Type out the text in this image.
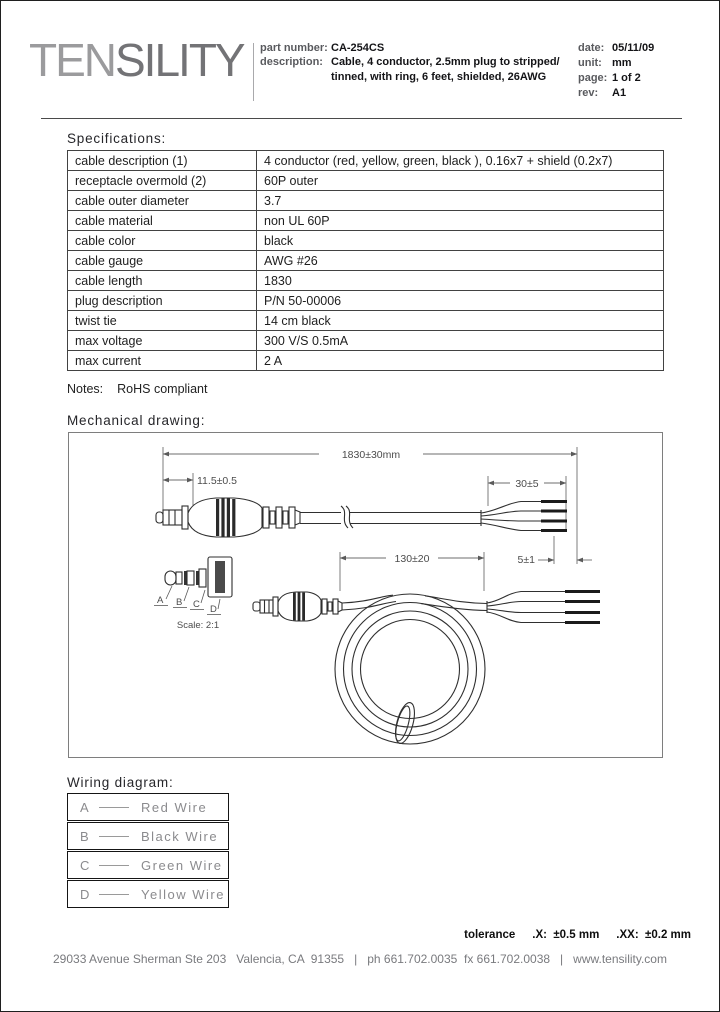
TENSILITY part number: CA-254CS
description: Cable, 4 conductor, 2.5mm plug to stripped/
tinned, with ring, 6 feet, shielded, 26AWG
date: 05/11/09
unit: mm
page: 1 of 2
rev:	A1
Specifications:
cable description (1)	4 conductor (red, yellow, green, black ), 0.16x7 + shield (0.2x7)
receptacle overmold (2)	60P outer
cable outer diameter	3.7
cable material	non UL 60P
cable color	black
cable gauge	AWG #26
cable length	1830
plug description	P/N 50-00006
twist tie	14 cm black
max voltage	300 V/S 0.5mA
max current	2 A
Notes: RoHS compliant
Mechanical drawing:
1830±30mm
11.5±0.5	30±5
5±1
130±20
A B C D
Scale: 2:1
Wiring diagram:
A	Red Wire
B	Black Wire
C	Green Wire
D	Yellow Wire
tolerance .X:  ±0.5 mm .XX:  ±0.2 mm
29033 Avenue Sherman Ste 203   Valencia, CA  91355   |   ph 661.702.0035  fx 661.702.0038   |   www.tensility.com
